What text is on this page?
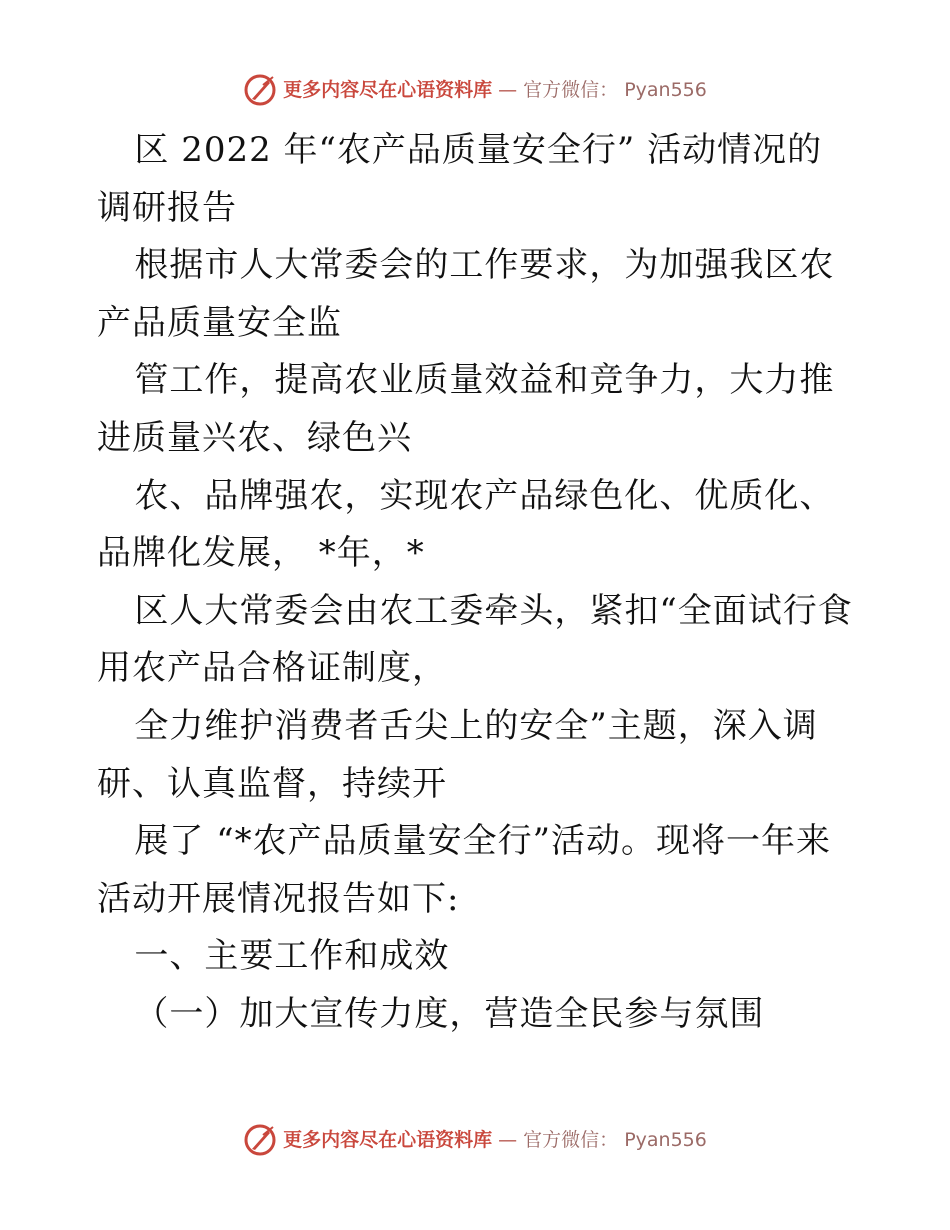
更多内容尽在心语资料库 — 官方微信： Pyan556

区 2022 年“农产品质量安全行” 活动情况的调研报告

根据市人大常委会的工作要求，为加强我区农产品质量安全监

管工作，提高农业质量效益和竞争力，大力推进质量兴农、绿色兴

农、品牌强农，实现农产品绿色化、优质化、品牌化发展， *年，*

区人大常委会由农工委牵头，紧扣“全面试行食用农产品合格证制度，

全力维护消费者舌尖上的安全”主题，深入调研、认真监督，持续开

展了 “*农产品质量安全行”活动。现将一年来活动开展情况报告如下:

一、主要工作和成效

（一）加大宣传力度，营造全民参与氛围

更多内容尽在心语资料库 — 官方微信： Pyan556
